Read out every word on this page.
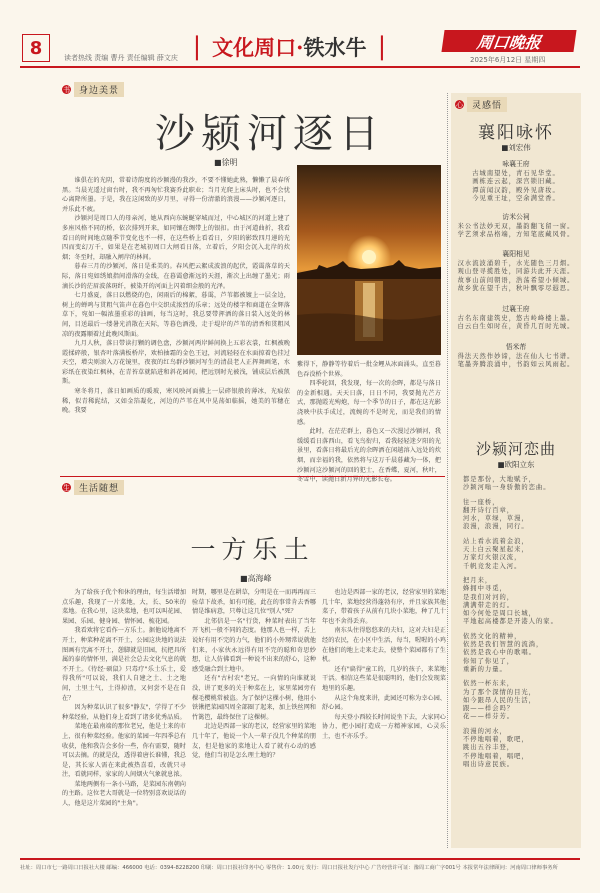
8	读者热线 责编 曹丹 责任编辑 薛文庆 ▏文化周口·铁水牛▕	周口晚报
2025年6月12日 星期四
书	身边美景
沙颍河逐日
■徐明

谁俱在的光阴，常着诗韵度的沙颍漫的我沙，不要不懂她此熟，懒懒了晨春所黑。当晨光遥过窗台时，我不再匆忙我赛乔此职业；当月光爬上床头时，也不会忧心离降所墨。于是，我在这闲致的岁月里，寻得一份清澈的浪漫——沙颍河逐日，并乐此不疲。

沙颍河是周口人的母亲河，她从西向东蜿蜒穿城而过，中心城区的河道上建了多座风格不同的桥，依次排列开来，如同镶在绸带上的银扣。由于河道曲折，我看看日的时间地点随季节变化也不一样，在这些桥上看看日，夕阳的影致四月递的光四而变幻万千，如果是在老城初周口大闸看日落，立着后，夕阳会沉入北岸的炊烟；冬至时，却融入闸岸的林间。

暮春三月的沙颍河，落日是柔美的。春风把云絮成波浪的起伏，霞霭落草的天际，落日宛如绣娘指间滑落的金线，在暮霭愈渐远的天涯，渐次上出缠了墨光；雨滴长沙的茫眉波落斑纤，被染开的河面上闪着细金般的光泽。

七月盛夏，落日以燃烧的色，闲雨后的棉絮，暮霭，芦苇都被镀上一层金边，树上的蝉鸣与贯粗气笛声在暮色中交织成浓烈的乐章；远处的楼字和商道在金辉落草下，宛如一幅浓墨重彩的油画，每当这时，我总要带挥洒的落日装入远处的林间，目送最后一缕暑光消散在天际，等暮色酒漫，走于堤岸的芦苇的清香和贯粗风凉的夜露顺着过此晚风斯面。

九月人秋，落日带读打颗的调色盘，沙颍河两岸鲜间换上五彩衣裳，红枫被晚霞揉碎般，银杏叶落满板桥岸，欢柏抽霜的金色王冠，河流轻轻在水面掠着色挂过天空，增尖则滚入万花镜里，夜夜的红鸟群沙颍河写生的清晨老人正挥舞画笔，水彩纸在夜染红枫林，在青苔草就陷进和斜花园间，把远别时光被浅，铺成层后被凯斯。

寒冬将月，落日如画质的暖玻，寒风映河面拂上一层碎银般的薄冰，光痕依稀，似青稀髭结，又如金箔凝化，河边的芦苇在风中晃荡如临摇，她美的苇穗在晚。我要

紫得下，静静等待着后一批金鲤从冰面涌头，直至暮色吞没桥个世界。

四季轮回，我发现，每一次的余晖，都是与落日的金新相遇。天天日落，日日不同，我要抛光芒方式，那抛霞光殉炮，每一个季节的日子，都在这光影浇映中扶手成过，流婉的不是时光，而是我们的情感。

此时，在茫茫群上，暮色又一次漫过沙颍河，我缓缓看日落西山，看飞鸟衔归，看我轻轻迷夕阳的光景里，看落日将最后光的余晖洒在闲越溶入远处的炊烟，而幸福的我，依然将与这万千晨暮藏为一体，把沙颍河这沙颍河的回的犯士，在香蝶，夏河，秋叶，冬雪中，读抛日新月异的光影长卷。

生	生活随想
一方乐土
■高海峰

为了给孩子优个和休的理由，每生活增加点乐趣，我现了一片菜地，大，长、50米的菜地。在我心里，这块菜地，也可以叫花园、果园、乐园、健身园、情怀园、梳花园。

我看欢将它看作一方乐土。据他说地离不开土，种菜种花离不开土，公园这块地的说法图画有完离不开土，憩脚就是旧园，抗把具所属的泰的情怀里，满是社会总去文化气息的就不开土。《待经·硕鼠》只毒疗"乐土乐土，爱得我所"可以说，我们人自建之土、土之地间，土里土气，土得掉渣，又何尝不是在自在？

因为种菜认识了很多"静友"，学得了不少种菜经验，从他们身上看到了诸多优秀品质。

菜地在最南端的那位老兄，他是土来的市上，很有种菜经验。他家的菜园一年四季总有收获，他和我告会多份一些，你有需要，随时可以去摘。的就是没，透得着唐长谁懂，我总是，其长家人需在来此被热喜看，改就只寻注，看就同样，家家的人间烟火气象就息浓。

菜地两侧有一条小马路，是菜园东南朝向的主路。这位老大哥就是一位特别喜欢说话的人，他是这片菜园的"主角"。

时期，哪里是在耕草，分明是在一而再再而三验草下故杀，如有可能，此在的事常肯去香哪情是维病意，只尊让这几位"别人"死？

北邻信是一名"行货，种菜时表出了当年开飞机一般不同的态度。他那人也一样，舌上说好有用不完的力气，他们的小外甥常说就他们来，小家伙永远得有用不完的聪和奇思妙想，让人仿佛看到一种说不出来的舒心，这种感受融合到土地中。

还有"古村农"老兄，一向情的向谁就说没，讲了更多的关于种菜在上，家里菜园旁有棵毛樱桃常被盗。为了保护这棵小树，他用小铁锹把菜园四周全部圈了起来，加上铁丝网和竹篱笆，最终保住了这棵树。

北边是西部一家的老汉，经营家里的菜地几十年了，他说一个人一辈子没几个种菜的朋友，但是他家的菜地让人看了就有心动的感觉，他们当初是怎么理土地的？

也边是西部一家的老汉，经营家里的菜地几十年，菜地经营得蓬勃有序，并且家族其他菜子，带着孩子从前有几块小菜地，种了几十年也不舍得丢弃。

南东头住得悠悠来的夫妇，这对夫妇是正经的农民，在小区中生活，每当，喔喔的小鸡在他们的地上走来走去，使整个菜园都有了生机。

还有"扁得"童工的，几岁的孩子，来菜地干活。相信这些菜是很聪明的，他们会发现菜地里的乐趣。

从这个角度来讲，此园还可称为幸心园、舒心园。

每天登小西较长时间说坐下去，大家同心协力，把小园打造成一方精神家园，心灵乐土，也不亦乐乎。

心	灵感悟
襄阳咏怀
■刘宏伟
咏襄王府
古城南望处，青石见华堂。
画栋连云起，深宫锁旧藏。
潭前闻汉韵，殿外见唐妆。
今见重王址，空余满堂香。
访米公祠
米公书法妙无双，墨韵翻飞留一窗。
学艺须求品格端，方知笔底藏风骨。
襄阳相见
汉水流波涌碧千，水光随色三月烟。
观山登寻揽胜处，同游共此开天涯。
故事山前间朝语，浩荡希望小倾城。
故乡犹在望千古，秋叶飘零尽遐思。
过襄王府
古名东南建筑史，悠古岭峰楼上墨。
白云白生如时在，黄昏几百时光城。
悟米芾
得法天然作妙谛，法在仙人七书谱。
笔墨奔腾浪涌中，书韵如云风雨起。
沙颍河恋曲
■欧阳立东
都是那份，大地赋予，
沙颍河嗡一身骄傲的恋曲。
往一座桥，
翻开诗行百章，
河水，草绿，草漫，
浪漫，浪漫，同行。
站上看水流着金浪，
天上白云聚星起来，
万家灯火银汉流，
千帆竞发走入河。
把月来，
蜂拥中寻觅，
是我们对河的，
满满带走的灯。
如今何处是周口长城，
平地起高楼都是开港人的家。
依然文化的精神，
依然是我们智慧的流淌，
依然是我心中的歌唱。
你知了你见了，
重新的力量。
依然一杯东来，
为了那个深情的目光，
如今跟昂人民的生活，
跟——样会吗？
花——样芬芳。
浪漫的河水，
不停地唱着，歌吧，
跳出五谷丰登，
不停地唱着，唱吧，
唱出诗意民族。
社址：周口市七一路周口日报社大楼 邮编：466000 电话：0394-8228200 印刷：周口日报社印务中心 零售价：1.00元 发行：周口日报社发行中心 广告经营许可证：豫周工商广字001号 本报常年法律顾问：河南周口律师事务所
